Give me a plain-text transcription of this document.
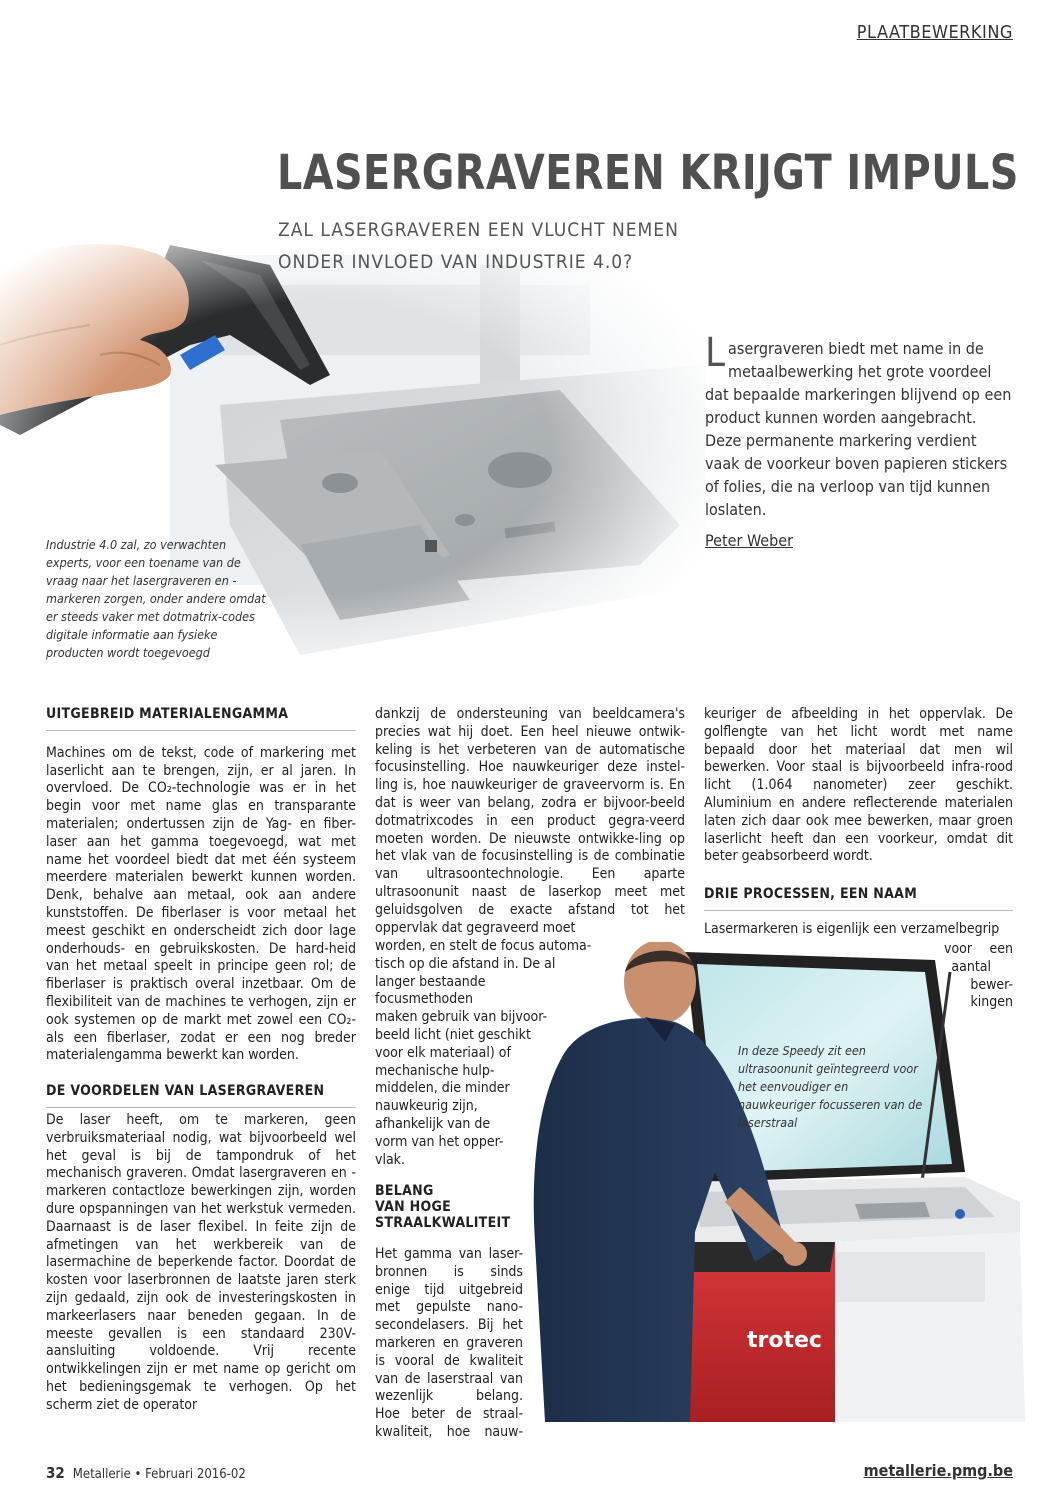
PLAATBEWERKING
LASERGRAVEREN KRIJGT IMPULS
ZAL LASERGRAVEREN EEN VLUCHT NEMEN
ONDER INVLOED VAN INDUSTRIE 4.0?
Lasergraveren biedt met name in de metaalbewerking het grote voordeel dat bepaalde markeringen blijvend op een product kunnen worden aangebracht. Deze permanente markering verdient vaak de voorkeur boven papieren stickers of folies, die na verloop van tijd kunnen loslaten.
Peter Weber
Industrie 4.0 zal, zo verwachten experts, voor een toename van de vraag naar het lasergraveren en -markeren zorgen, onder andere omdat er steeds vaker met dotmatrix-codes digitale informatie aan fysieke producten wordt toegevoegd
UITGEBREID MATERIALENGAMMA

Machines om de tekst, code of markering met laserlicht aan te brengen, zijn, er al jaren. In overvloed. De CO₂-technologie was er in het begin voor met name glas en transparante materialen; ondertussen zijn de Yag- en fiber-laser aan het gamma toegevoegd, wat met name het voordeel biedt dat met één systeem meerdere materialen bewerkt kunnen worden. Denk, behalve aan metaal, ook aan andere kunststoffen. De fiberlaser is voor metaal het meest geschikt en onderscheidt zich door lage onderhouds- en gebruikskosten. De hard-heid van het metaal speelt in principe geen rol; de fiberlaser is praktisch overal inzetbaar. Om de flexibiliteit van de machines te verhogen, zijn er ook systemen op de markt met zowel een CO₂- als een fiberlaser, zodat er een nog breder materialengamma bewerkt kan worden.

DE VOORDELEN VAN LASERGRAVEREN

De laser heeft, om te markeren, geen verbruiksmateriaal nodig, wat bijvoorbeeld wel het geval is bij de tampondruk of het mechanisch graveren. Omdat lasergraveren en -markeren contactloze bewerkingen zijn, worden dure opspanningen van het werkstuk vermeden. Daarnaast is de laser flexibel. In feite zijn de afmetingen van het werkbereik van de lasermachine de beperkende factor. Doordat de kosten voor laserbronnen de laatste jaren sterk zijn gedaald, zijn ook de investeringskosten in markeerlasers naar beneden gegaan. In de meeste gevallen is een standaard 230V-aansluiting voldoende. Vrij recente ontwikkelingen zijn er met name op gericht om het bedieningsgemak te verhogen. Op het scherm ziet de operator

trotec

dankzij de ondersteuning van beeldcamera's precies wat hij doet. Een heel nieuwe ontwik-keling is het verbeteren van de automatische focusinstelling. Hoe nauwkeuriger deze instel-ling is, hoe nauwkeuriger de graveervorm is. En dat is weer van belang, zodra er bijvoor-beeld dotmatrixcodes in een product gegra-veerd moeten worden. De nieuwste ontwikke-ling op het vlak van de focusinstelling is de combinatie van ultrasoontechnologie. Een aparte ultrasoonunit naast de laserkop meet met geluidsgolven de exacte afstand tot het oppervlak dat gegraveerd moet

worden, en stelt de focus automa-
tisch op die afstand in. De al
langer bestaande focusmethoden
maken gebruik van bijvoor-
beeld licht (niet geschikt
voor elk materiaal) of
mechanische hulp-
middelen, die minder
nauwkeurig zijn,
afhankelijk van de
vorm van het opper-
vlak.
BELANG
VAN HOGE
STRAALKWALITEIT
Het gamma van laser-
bronnen is sinds
enige tijd uitgebreid
met gepulste nano-
secondelasers. Bij het
markeren en graveren
is vooral de kwaliteit
van de laserstraal van
wezenlijk belang.
Hoe beter de straal-
kwaliteit, hoe nauw-

keuriger de afbeelding in het oppervlak. De golflengte van het licht wordt met name bepaald door het materiaal dat men wil bewerken. Voor staal is bijvoorbeeld infra-rood licht (1.064 nanometer) zeer geschikt. Aluminium en andere reflecterende materialen laten zich daar ook mee bewerken, maar groen laserlicht heeft dan een voorkeur, omdat dit beter geabsorbeerd wordt.

DRIE PROCESSEN, EEN NAAM
Lasermarkeren is eigenlijk een verzamelbegrip
voor een
aantal
bewer-
kingen
In deze Speedy zit een ultrasoonunit geïntegreerd voor het eenvoudiger en nauwkeuriger focusseren van de laserstraal
32 Metallerie • Februari 2016-02	metallerie.pmg.be
